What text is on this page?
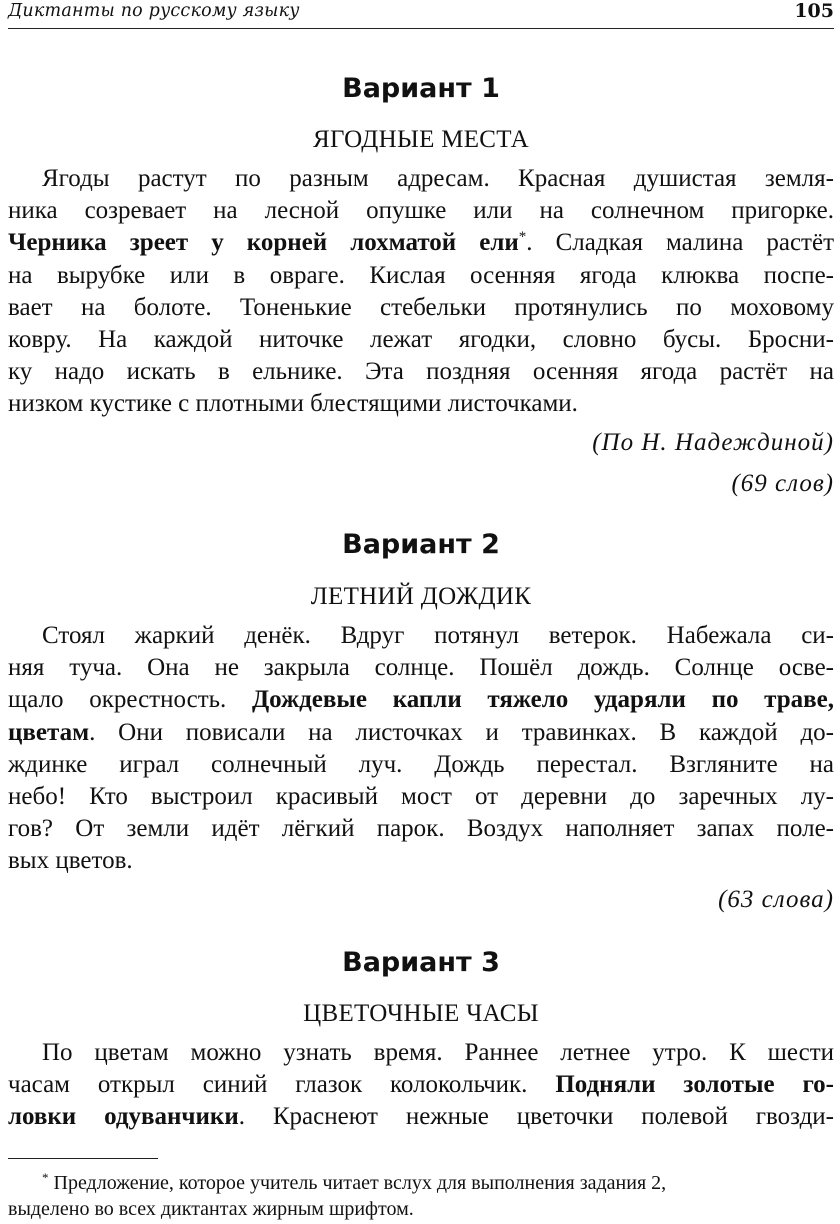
Диктанты по русскому языку	105
Вариант 1
ЯГОДНЫЕ МЕСТА
Ягоды растут по разным адресам. Красная душистая земля-
ника созревает на лесной опушке или на солнечном пригорке.
Черника зреет у корней лохматой ели*. Сладкая малина растёт
на вырубке или в овраге. Кислая осенняя ягода клюква поспе-
вает на болоте. Тоненькие стебельки протянулись по моховому
ковру. На каждой ниточке лежат ягодки, словно бусы. Бросни-
ку надо искать в ельнике. Эта поздняя осенняя ягода растёт на
низком кустике с плотными блестящими листочками.
(По Н. Надеждиной)
(69 слов)
Вариант 2
ЛЕТНИЙ ДОЖДИК
Стоял жаркий денёк. Вдруг потянул ветерок. Набежала си-
няя туча. Она не закрыла солнце. Пошёл дождь. Солнце осве-
щало окрестность. Дождевые капли тяжело ударяли по траве,
цветам. Они повисали на листочках и травинках. В каждой до-
ждинке играл солнечный луч. Дождь перестал. Взгляните на
небо! Кто выстроил красивый мост от деревни до заречных лу-
гов? От земли идёт лёгкий парок. Воздух наполняет запах поле-
вых цветов.
(63 слова)
Вариант 3
ЦВЕТОЧНЫЕ ЧАСЫ
По цветам можно узнать время. Раннее летнее утро. К шести
часам открыл синий глазок колокольчик. Подняли золотые го-
ловки одуванчики. Краснеют нежные цветочки полевой гвозди-
* Предложение, которое учитель читает вслух для выполнения задания 2,
выделено во всех диктантах жирным шрифтом.
